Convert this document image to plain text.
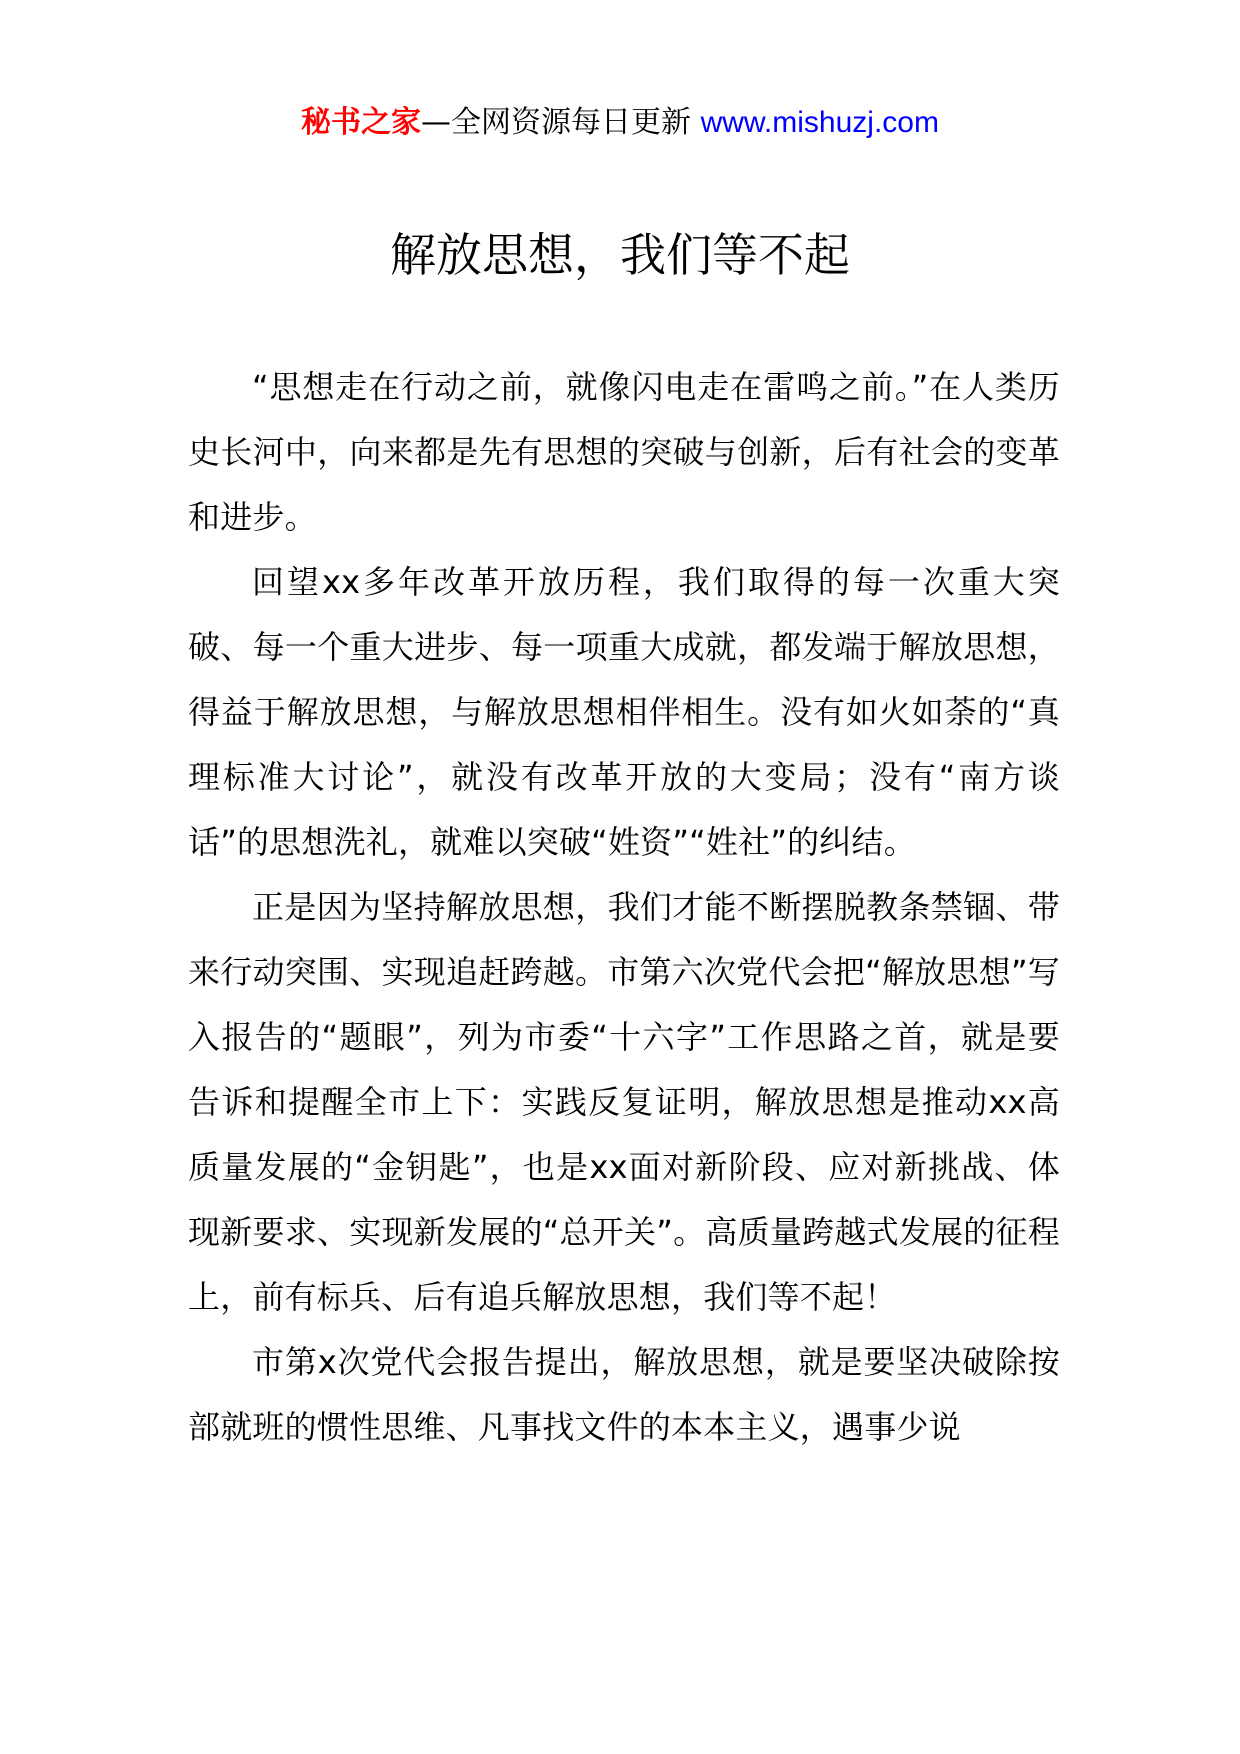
秘书之家—全网资源每日更新 www.mishuzj.com
解放思想，我们等不起

“思想走在行动之前，就像闪电走在雷鸣之前。”在人类历史长河中，向来都是先有思想的突破与创新，后有社会的变革和进步。

回望xx多年改革开放历程，我们取得的每一次重大突破、每一个重大进步、每一项重大成就，都发端于解放思想，得益于解放思想，与解放思想相伴相生。没有如火如荼的“真理标准大讨论”，就没有改革开放的大变局；没有“南方谈话”的思想洗礼，就难以突破“姓资”“姓社”的纠结。

正是因为坚持解放思想，我们才能不断摆脱教条禁锢、带来行动突围、实现追赶跨越。市第六次党代会把“解放思想”写入报告的“题眼”，列为市委“十六字”工作思路之首，就是要告诉和提醒全市上下：实践反复证明，解放思想是推动xx高质量发展的“金钥匙”，也是xx面对新阶段、应对新挑战、体现新要求、实现新发展的“总开关”。高质量跨越式发展的征程上，前有标兵、后有追兵解放思想，我们等不起！

市第x次党代会报告提出，解放思想，就是要坚决破除按部就班的惯性思维、凡事找文件的本本主义，遇事少说
